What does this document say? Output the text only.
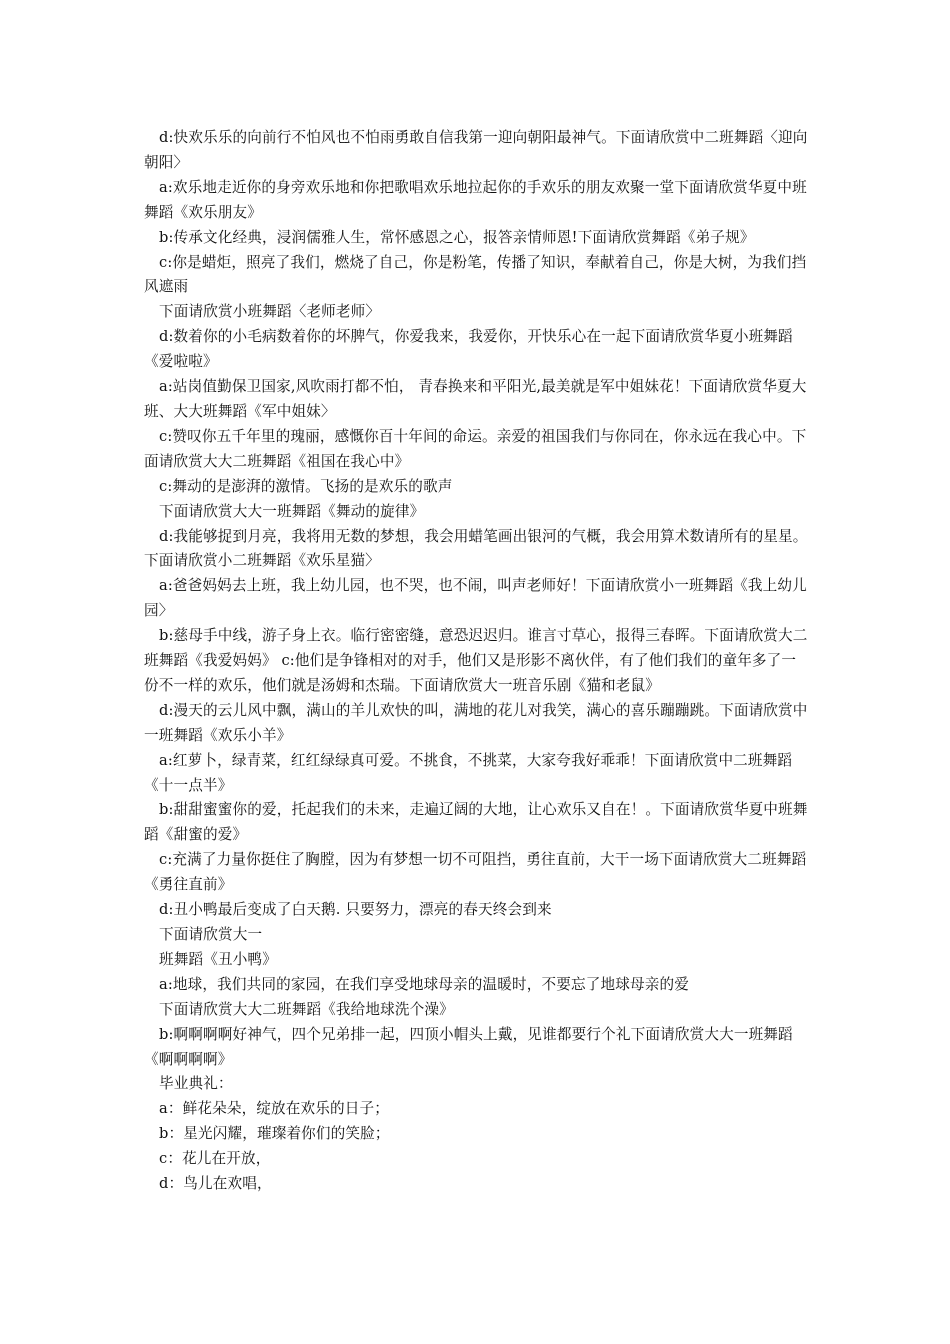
d:快欢乐乐的向前行不怕风也不怕雨勇敢自信我第一迎向朝阳最神气。下面请欣赏中二班舞蹈〈迎向朝阳〉

a:欢乐地走近你的身旁欢乐地和你把歌唱欢乐地拉起你的手欢乐的朋友欢聚一堂下面请欣赏华夏中班舞蹈《欢乐朋友》

b:传承文化经典，浸润儒雅人生，常怀感恩之心，报答亲情师恩!下面请欣赏舞蹈《弟子规》

c:你是蜡炬，照亮了我们，燃烧了自己，你是粉笔，传播了知识，奉献着自己，你是大树，为我们挡风遮雨

下面请欣赏小班舞蹈〈老师老师〉

d:数着你的小毛病数着你的坏脾气，你爱我来，我爱你，开快乐心在一起下面请欣赏华夏小班舞蹈《爱啦啦》

a:站岗值勤保卫国家,风吹雨打都不怕， 青春换来和平阳光,最美就是军中姐妹花！下面请欣赏华夏大班、大大班舞蹈《军中姐妹〉

c:赞叹你五千年里的瑰丽，感慨你百十年间的命运。亲爱的祖国我们与你同在，你永远在我心中。下面请欣赏大大二班舞蹈《祖国在我心中》

c:舞动的是澎湃的激情。飞扬的是欢乐的歌声

下面请欣赏大大一班舞蹈《舞动的旋律》

d:我能够捉到月亮，我将用无数的梦想，我会用蜡笔画出银河的气概，我会用算术数请所有的星星。下面请欣赏小二班舞蹈《欢乐星猫〉

a:爸爸妈妈去上班，我上幼儿园，也不哭，也不闹，叫声老师好！下面请欣赏小一班舞蹈《我上幼儿园〉

b:慈母手中线，游子身上衣。临行密密缝，意恐迟迟归。谁言寸草心，报得三春晖。下面请欣赏大二班舞蹈《我爱妈妈》 c:他们是争锋相对的对手，他们又是形影不离伙伴，有了他们我们的童年多了一份不一样的欢乐，他们就是汤姆和杰瑞。下面请欣赏大一班音乐剧《猫和老鼠》

d:漫天的云儿风中飘，满山的羊儿欢快的叫，满地的花儿对我笑，满心的喜乐蹦蹦跳。下面请欣赏中一班舞蹈《欢乐小羊》

a:红萝卜，绿青菜，红红绿绿真可爱。不挑食，不挑菜，大家夸我好乖乖！下面请欣赏中二班舞蹈《十一点半》

b:甜甜蜜蜜你的爱，托起我们的未来，走遍辽阔的大地，让心欢乐又自在！。下面请欣赏华夏中班舞蹈《甜蜜的爱》

c:充满了力量你挺住了胸膛，因为有梦想一切不可阻挡，勇往直前，大干一场下面请欣赏大二班舞蹈《勇往直前》

d:丑小鸭最后变成了白天鹅. 只要努力，漂亮的春天终会到来

下面请欣赏大一

班舞蹈《丑小鸭》

a:地球，我们共同的家园，在我们享受地球母亲的温暖时，不要忘了地球母亲的爱

下面请欣赏大大二班舞蹈《我给地球洗个澡》

b:啊啊啊啊好神气，四个兄弟排一起，四顶小帽头上戴，见谁都要行个礼下面请欣赏大大一班舞蹈《啊啊啊啊》

毕业典礼：

a：鲜花朵朵，绽放在欢乐的日子；

b：星光闪耀，璀璨着你们的笑脸；

c：花儿在开放，

d：鸟儿在欢唱，
